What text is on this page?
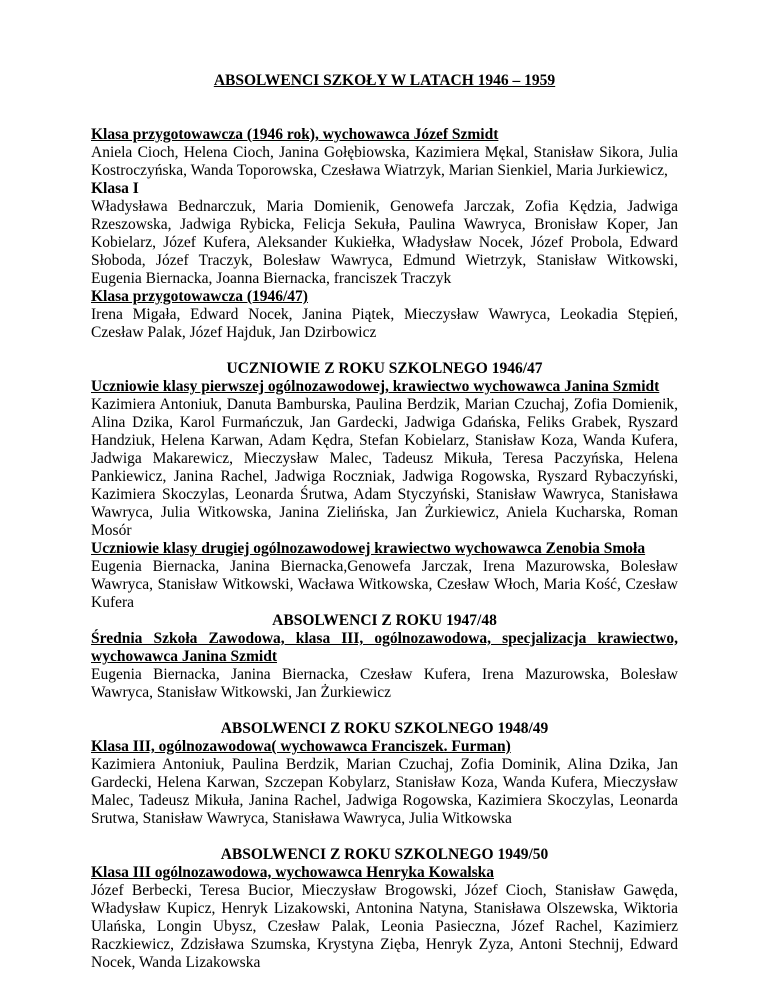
ABSOLWENCI SZKOŁY W LATACH 1946 – 1959

Klasa przygotowawcza (1946 rok), wychowawca Józef Szmidt

Aniela Cioch, Helena Cioch, Janina Gołębiowska, Kazimiera Mękal, Stanisław Sikora, Julia Kostroczyńska, Wanda Toporowska, Czesława Wiatrzyk, Marian Sienkiel, Maria Jurkiewicz,

Klasa I

Władysława Bednarczuk, Maria Domienik, Genowefa Jarczak, Zofia Kędzia, Jadwiga Rzeszowska, Jadwiga Rybicka, Felicja Sekuła, Paulina Wawryca, Bronisław Koper, Jan Kobielarz, Józef Kufera, Aleksander Kukiełka, Władysław Nocek, Józef Probola, Edward Słoboda, Józef Traczyk, Bolesław Wawryca, Edmund Wietrzyk, Stanisław Witkowski, Eugenia Biernacka, Joanna Biernacka, franciszek Traczyk

Klasa przygotowawcza (1946/47)

Irena Migała, Edward Nocek, Janina Piątek, Mieczysław Wawryca, Leokadia Stępień, Czesław Palak, Józef Hajduk, Jan Dzirbowicz

UCZNIOWIE Z ROKU SZKOLNEGO 1946/47

Uczniowie klasy pierwszej ogólnozawodowej, krawiectwo wychowawca Janina Szmidt

Kazimiera Antoniuk, Danuta Bamburska, Paulina Berdzik, Marian Czuchaj, Zofia Domienik, Alina Dzika, Karol Furmańczuk, Jan Gardecki, Jadwiga Gdańska, Feliks Grabek, Ryszard Handziuk, Helena Karwan, Adam Kędra, Stefan Kobielarz, Stanisław Koza, Wanda Kufera, Jadwiga Makarewicz, Mieczysław Malec, Tadeusz Mikuła, Teresa Paczyńska, Helena Pankiewicz, Janina Rachel, Jadwiga Roczniak, Jadwiga Rogowska, Ryszard Rybaczyński, Kazimiera Skoczylas, Leonarda Śrutwa, Adam Styczyński, Stanisław Wawryca, Stanisława Wawryca, Julia Witkowska, Janina Zielińska, Jan Żurkiewicz, Aniela Kucharska, Roman Mosór

Uczniowie klasy drugiej ogólnozawodowej krawiectwo wychowawca Zenobia Smoła

Eugenia Biernacka, Janina Biernacka,Genowefa Jarczak, Irena Mazurowska, Bolesław Wawryca, Stanisław Witkowski, Wacława Witkowska, Czesław Włoch, Maria Kość, Czesław Kufera

ABSOLWENCI Z ROKU 1947/48

Średnia Szkoła Zawodowa, klasa III, ogólnozawodowa, specjalizacja krawiectwo, wychowawca Janina Szmidt

Eugenia Biernacka, Janina Biernacka, Czesław Kufera, Irena Mazurowska, Bolesław Wawryca, Stanisław Witkowski, Jan Żurkiewicz

ABSOLWENCI Z ROKU SZKOLNEGO 1948/49

Klasa III, ogólnozawodowa( wychowawca Franciszek. Furman)

Kazimiera Antoniuk, Paulina Berdzik, Marian Czuchaj, Zofia Dominik, Alina Dzika, Jan Gardecki, Helena Karwan, Szczepan Kobylarz, Stanisław Koza, Wanda Kufera, Mieczysław Malec, Tadeusz Mikuła, Janina Rachel, Jadwiga Rogowska, Kazimiera Skoczylas, Leonarda Srutwa, Stanisław Wawryca, Stanisława Wawryca, Julia Witkowska

ABSOLWENCI Z ROKU SZKOLNEGO 1949/50

Klasa III ogólnozawodowa, wychowawca Henryka Kowalska

Józef Berbecki, Teresa Bucior, Mieczysław Brogowski, Józef Cioch, Stanisław Gawęda, Władysław Kupicz, Henryk Lizakowski, Antonina Natyna, Stanisława Olszewska, Wiktoria Ulańska, Longin Ubysz, Czesław Palak, Leonia Pasieczna, Józef Rachel, Kazimierz Raczkiewicz, Zdzisława Szumska, Krystyna Zięba, Henryk Zyza, Antoni Stechnij, Edward Nocek, Wanda Lizakowska
